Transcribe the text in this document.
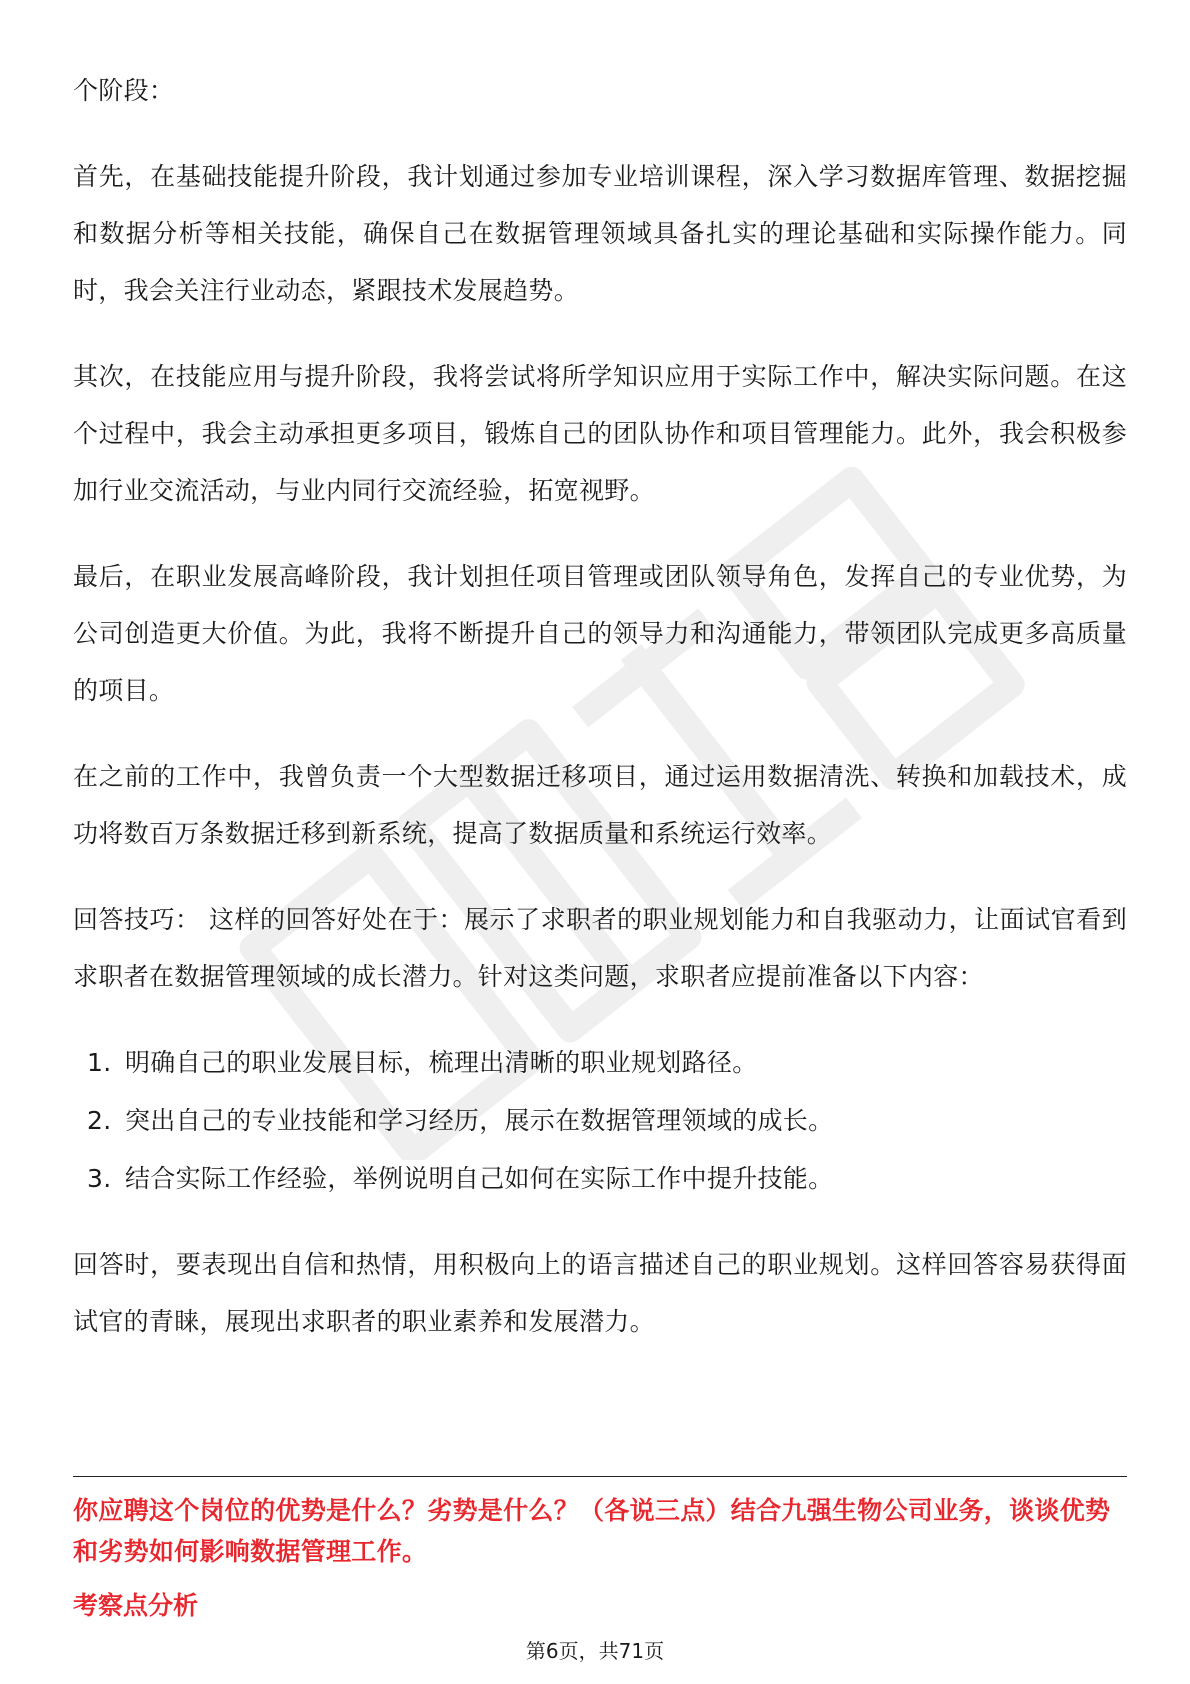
个阶段：

首先，在基础技能提升阶段，我计划通过参加专业培训课程，深入学习数据库管理、数据挖掘和数据分析等相关技能，确保自己在数据管理领域具备扎实的理论基础和实际操作能力。同时，我会关注行业动态，紧跟技术发展趋势。

其次，在技能应用与提升阶段，我将尝试将所学知识应用于实际工作中，解决实际问题。在这个过程中，我会主动承担更多项目，锻炼自己的团队协作和项目管理能力。此外，我会积极参加行业交流活动，与业内同行交流经验，拓宽视野。

最后，在职业发展高峰阶段，我计划担任项目管理或团队领导角色，发挥自己的专业优势，为公司创造更大价值。为此，我将不断提升自己的领导力和沟通能力，带领团队完成更多高质量的项目。

在之前的工作中，我曾负责一个大型数据迁移项目，通过运用数据清洗、转换和加载技术，成功将数百万条数据迁移到新系统，提高了数据质量和系统运行效率。

回答技巧： 这样的回答好处在于：展示了求职者的职业规划能力和自我驱动力，让面试官看到求职者在数据管理领域的成长潜力。针对这类问题，求职者应提前准备以下内容：

1. 明确自己的职业发展目标，梳理出清晰的职业规划路径。
2. 突出自己的专业技能和学习经历，展示在数据管理领域的成长。
3. 结合实际工作经验，举例说明自己如何在实际工作中提升技能。

回答时，要表现出自信和热情，用积极向上的语言描述自己的职业规划。这样回答容易获得面试官的青睐，展现出求职者的职业素养和发展潜力。

你应聘这个岗位的优势是什么？劣势是什么？（各说三点）结合九强生物公司业务，谈谈优势和劣势如何影响数据管理工作。
考察点分析
第6页，共71页
